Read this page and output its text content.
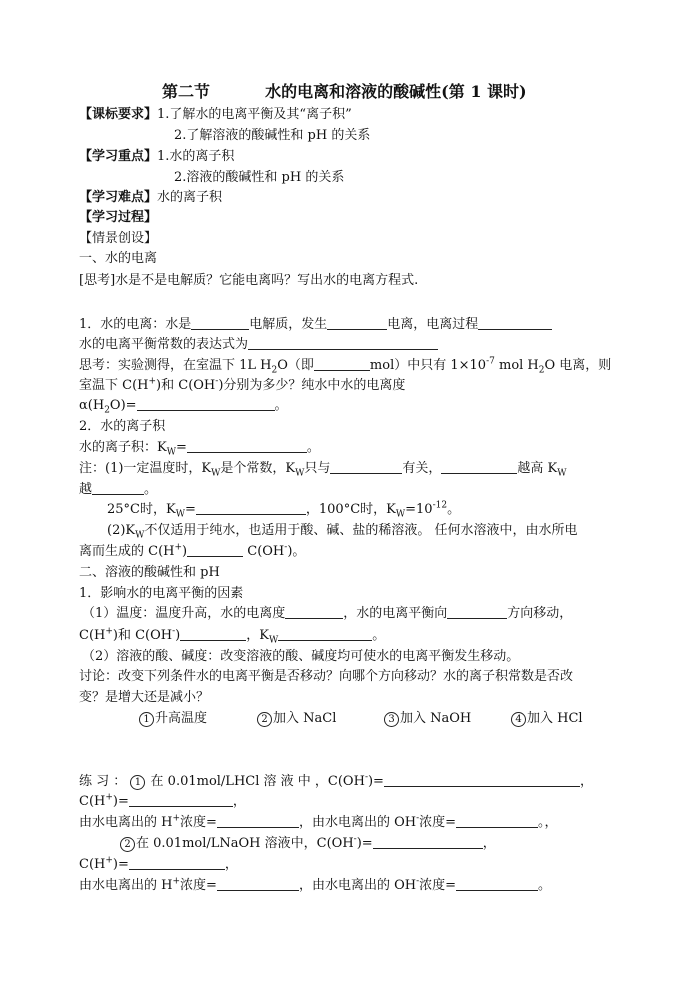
第二节	水的电离和溶液的酸碱性(第 1 课时)
【课标要求】1.了解水的电离平衡及其“离子积”
2.了解溶液的酸碱性和 pH 的关系
【学习重点】1.水的离子积
2.溶液的酸碱性和 pH 的关系
【学习难点】水的离子积
【学习过程】
【情景创设】
一、水的电离
[思考]水是不是电解质？它能电离吗？写出水的电离方程式.
1．水的电离：水是	电解质，发生	电离，电离过程
水的电离平衡常数的表达式为
思考：实验测得，在室温下 1L $H_2O$（即	mol）中只有 $1\times 10^{-7}$ mol $H_2O$ 电离，则
室温下 C(H+)和 C(OH-)分别为多少？纯水中水的电离度
$\alpha(H_2O)=$	。
2．水的离子积
水的离子积：$K_W=$	。
注：(1)一定温度时，$K_W$是个常数，$K_W$只与	有关，	越高 $K_W$
越	。
25°C时，$K_W=$	，100°C时，$K_W=10^{-12}$。
$(2)K_W$不仅适用于纯水，也适用于酸、碱、盐的稀溶液。 任何水溶液中，由水所电
离而生成的 C(H+)	C(OH-)。
二、溶液的酸碱性和 pH
1．影响水的电离平衡的因素
（1）温度：温度升高，水的电离度	，水的电离平衡向	方向移动，
C(H+)和 C(OH-)	，$K_W$	。
（2）溶液的酸、碱度：改变溶液的酸、碱度均可使水的电离平衡发生移动。
讨论：改变下列条件水的电离平衡是否移动？向哪个方向移动？水的离子积常数是否改
变？是增大还是减小？
1 升高温度	2 加入 NaCl	3 加入 NaOH	4 加入 HCl
练 习 ： 1 在 0.01mol/LHCl 溶 液 中 ，C(OH-)=	，
C(H+)=	，
由水电离出的 H+浓度=	，由水电离出的 OH-浓度=	。，
2 在 0.01mol/LNaOH 溶液中，C(OH-)=	，
C(H+)=	，
由水电离出的 H+浓度=	，由水电离出的 OH-浓度=	。
